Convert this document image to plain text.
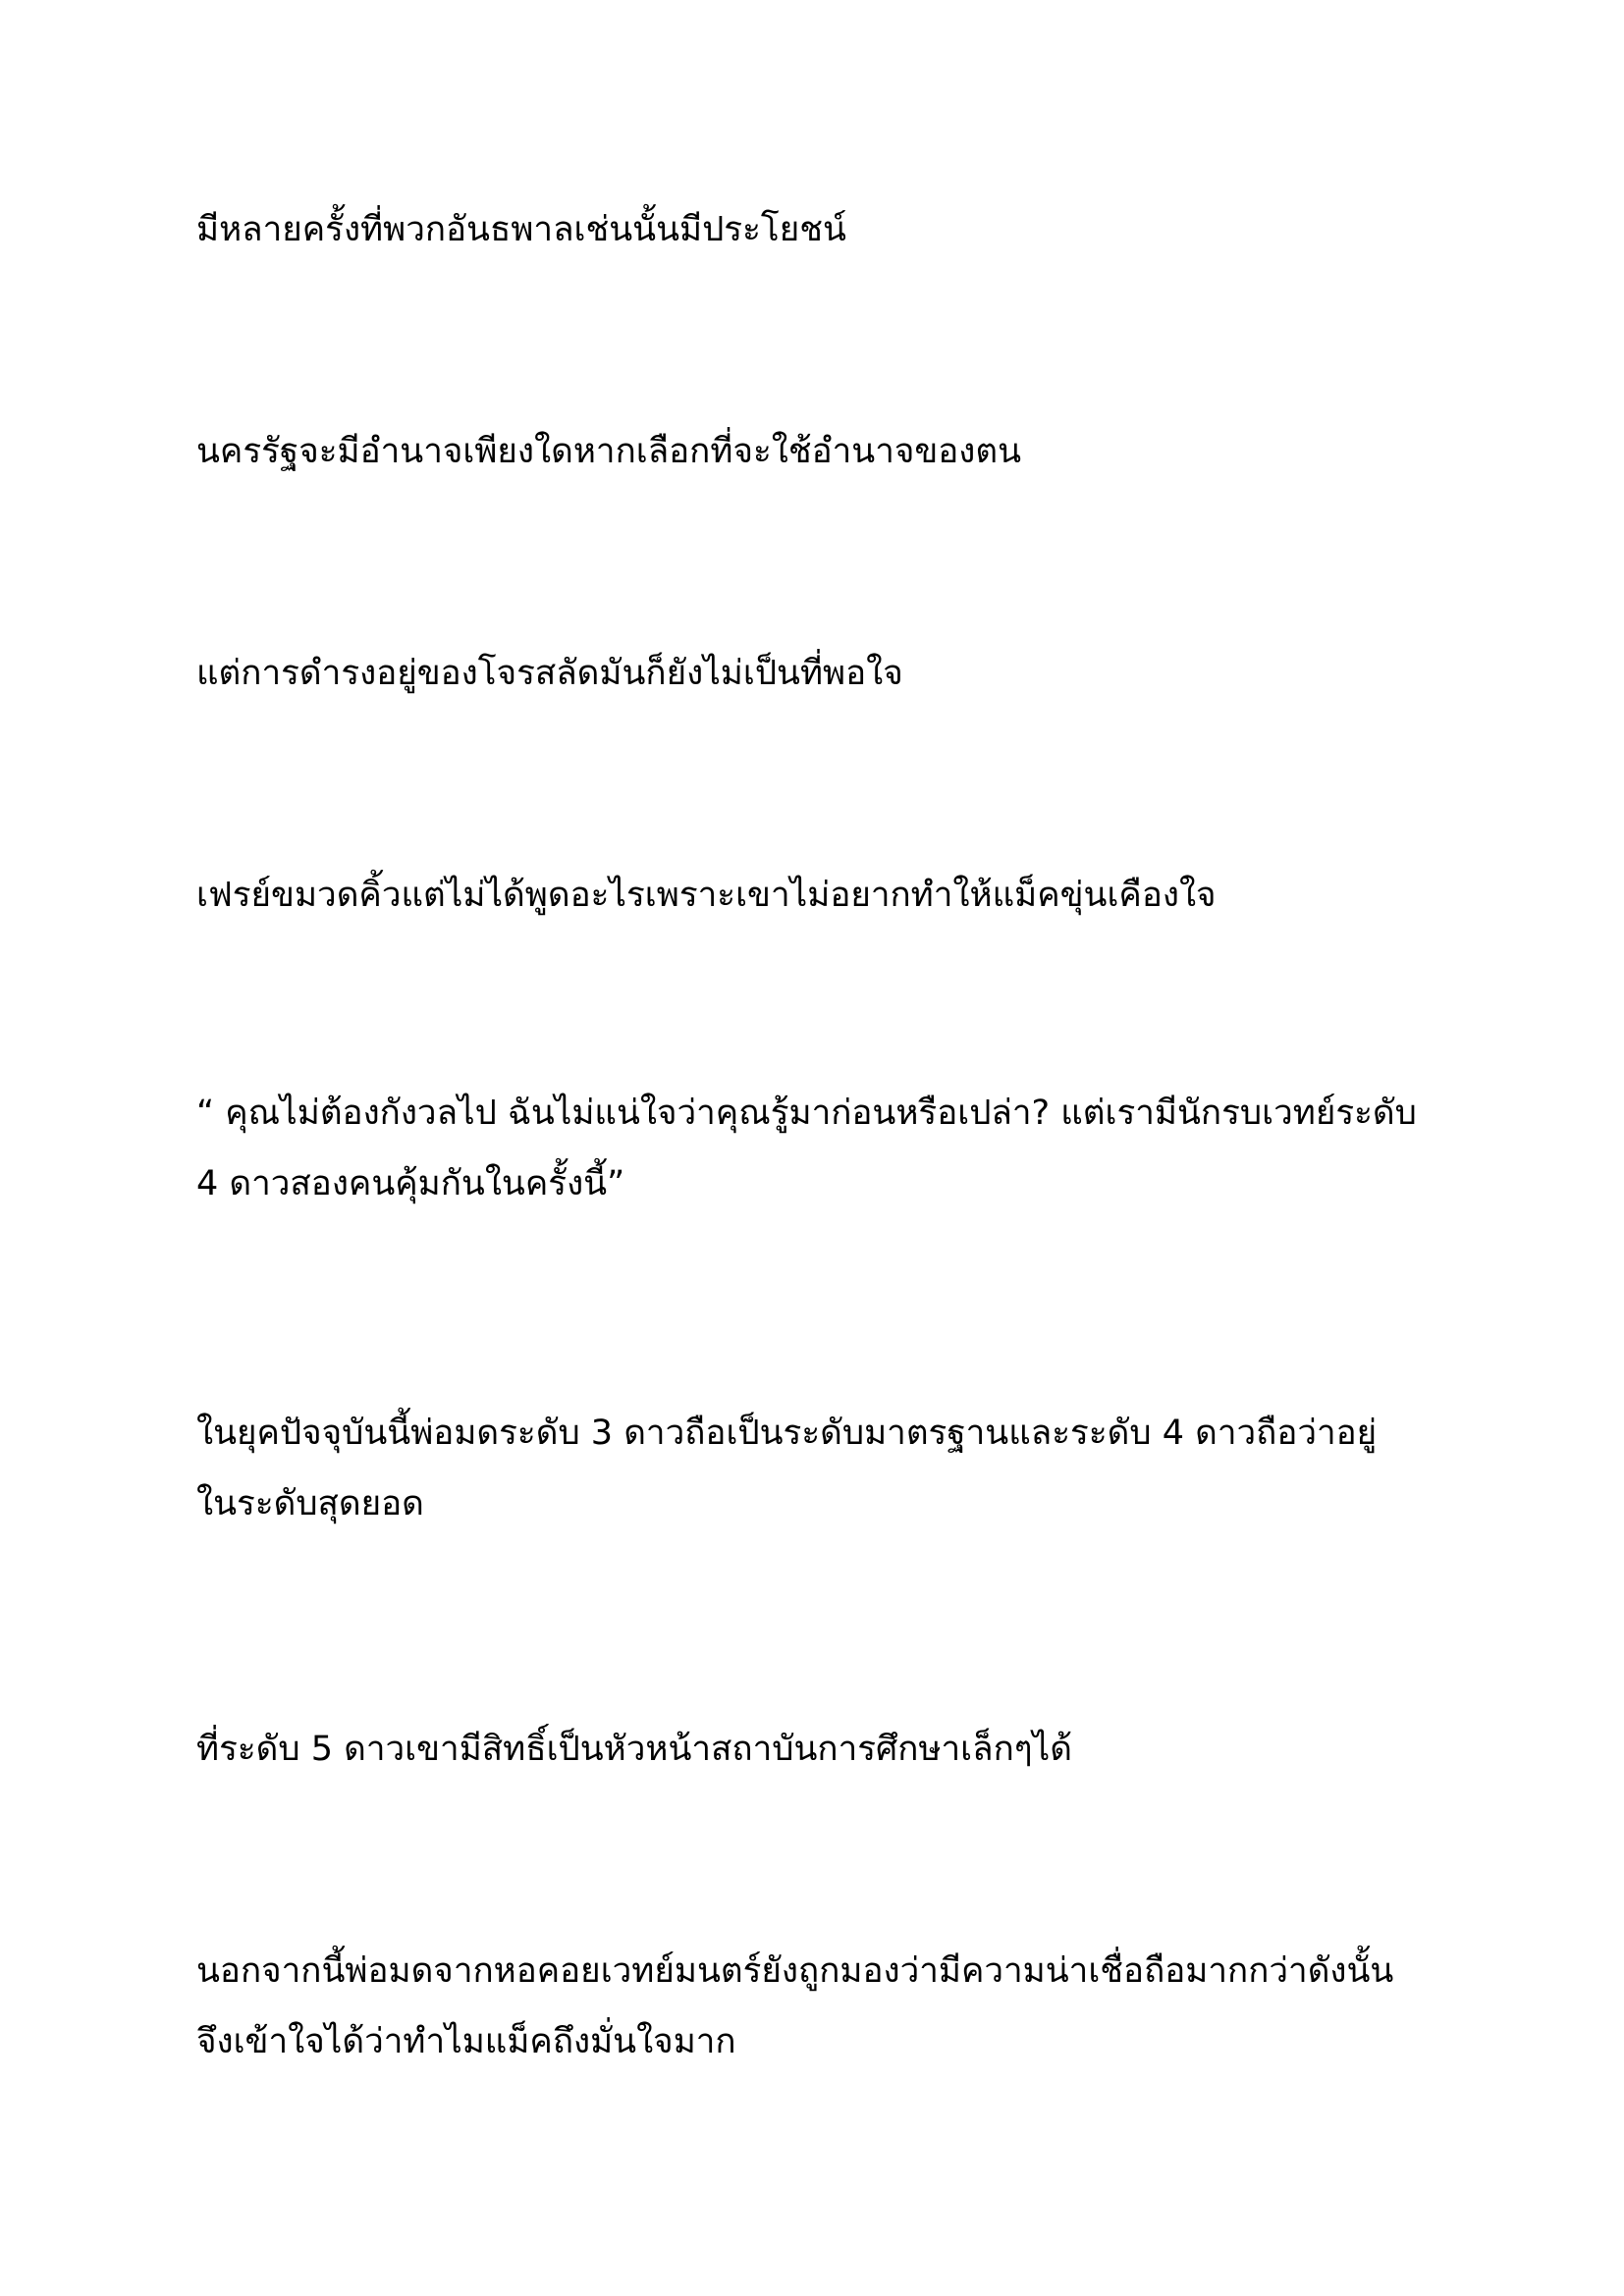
มีหลายครั้งที่พวกอันธพาลเช่นนั้นมีประโยชน์

นครรัฐจะมีอำนาจเพียงใดหากเลือกที่จะใช้อำนาจของตน

แต่การดำรงอยู่ของโจรสลัดมันก็ยังไม่เป็นที่พอใจ

เฟรย์ขมวดคิ้วแต่ไม่ได้พูดอะไรเพราะเขาไม่อยากทำให้แม็คขุ่นเคืองใจ

“ คุณไม่ต้องกังวลไป ฉันไม่แน่ใจว่าคุณรู้มาก่อนหรือเปล่า? แต่เรามีนักรบเวทย์ระดับ
4 ดาวสองคนคุ้มกันในครั้งนี้”

ในยุคปัจจุบันนี้พ่อมดระดับ 3 ดาวถือเป็นระดับมาตรฐานและระดับ 4 ดาวถือว่าอยู่
ในระดับสุดยอด

ที่ระดับ 5 ดาวเขามีสิทธิ์เป็นหัวหน้าสถาบันการศึกษาเล็กๆได้

นอกจากนี้พ่อมดจากหอคอยเวทย์มนตร์ยังถูกมองว่ามีความน่าเชื่อถือมากกว่าดังนั้น
จึงเข้าใจได้ว่าทำไมแม็คถึงมั่นใจมาก
